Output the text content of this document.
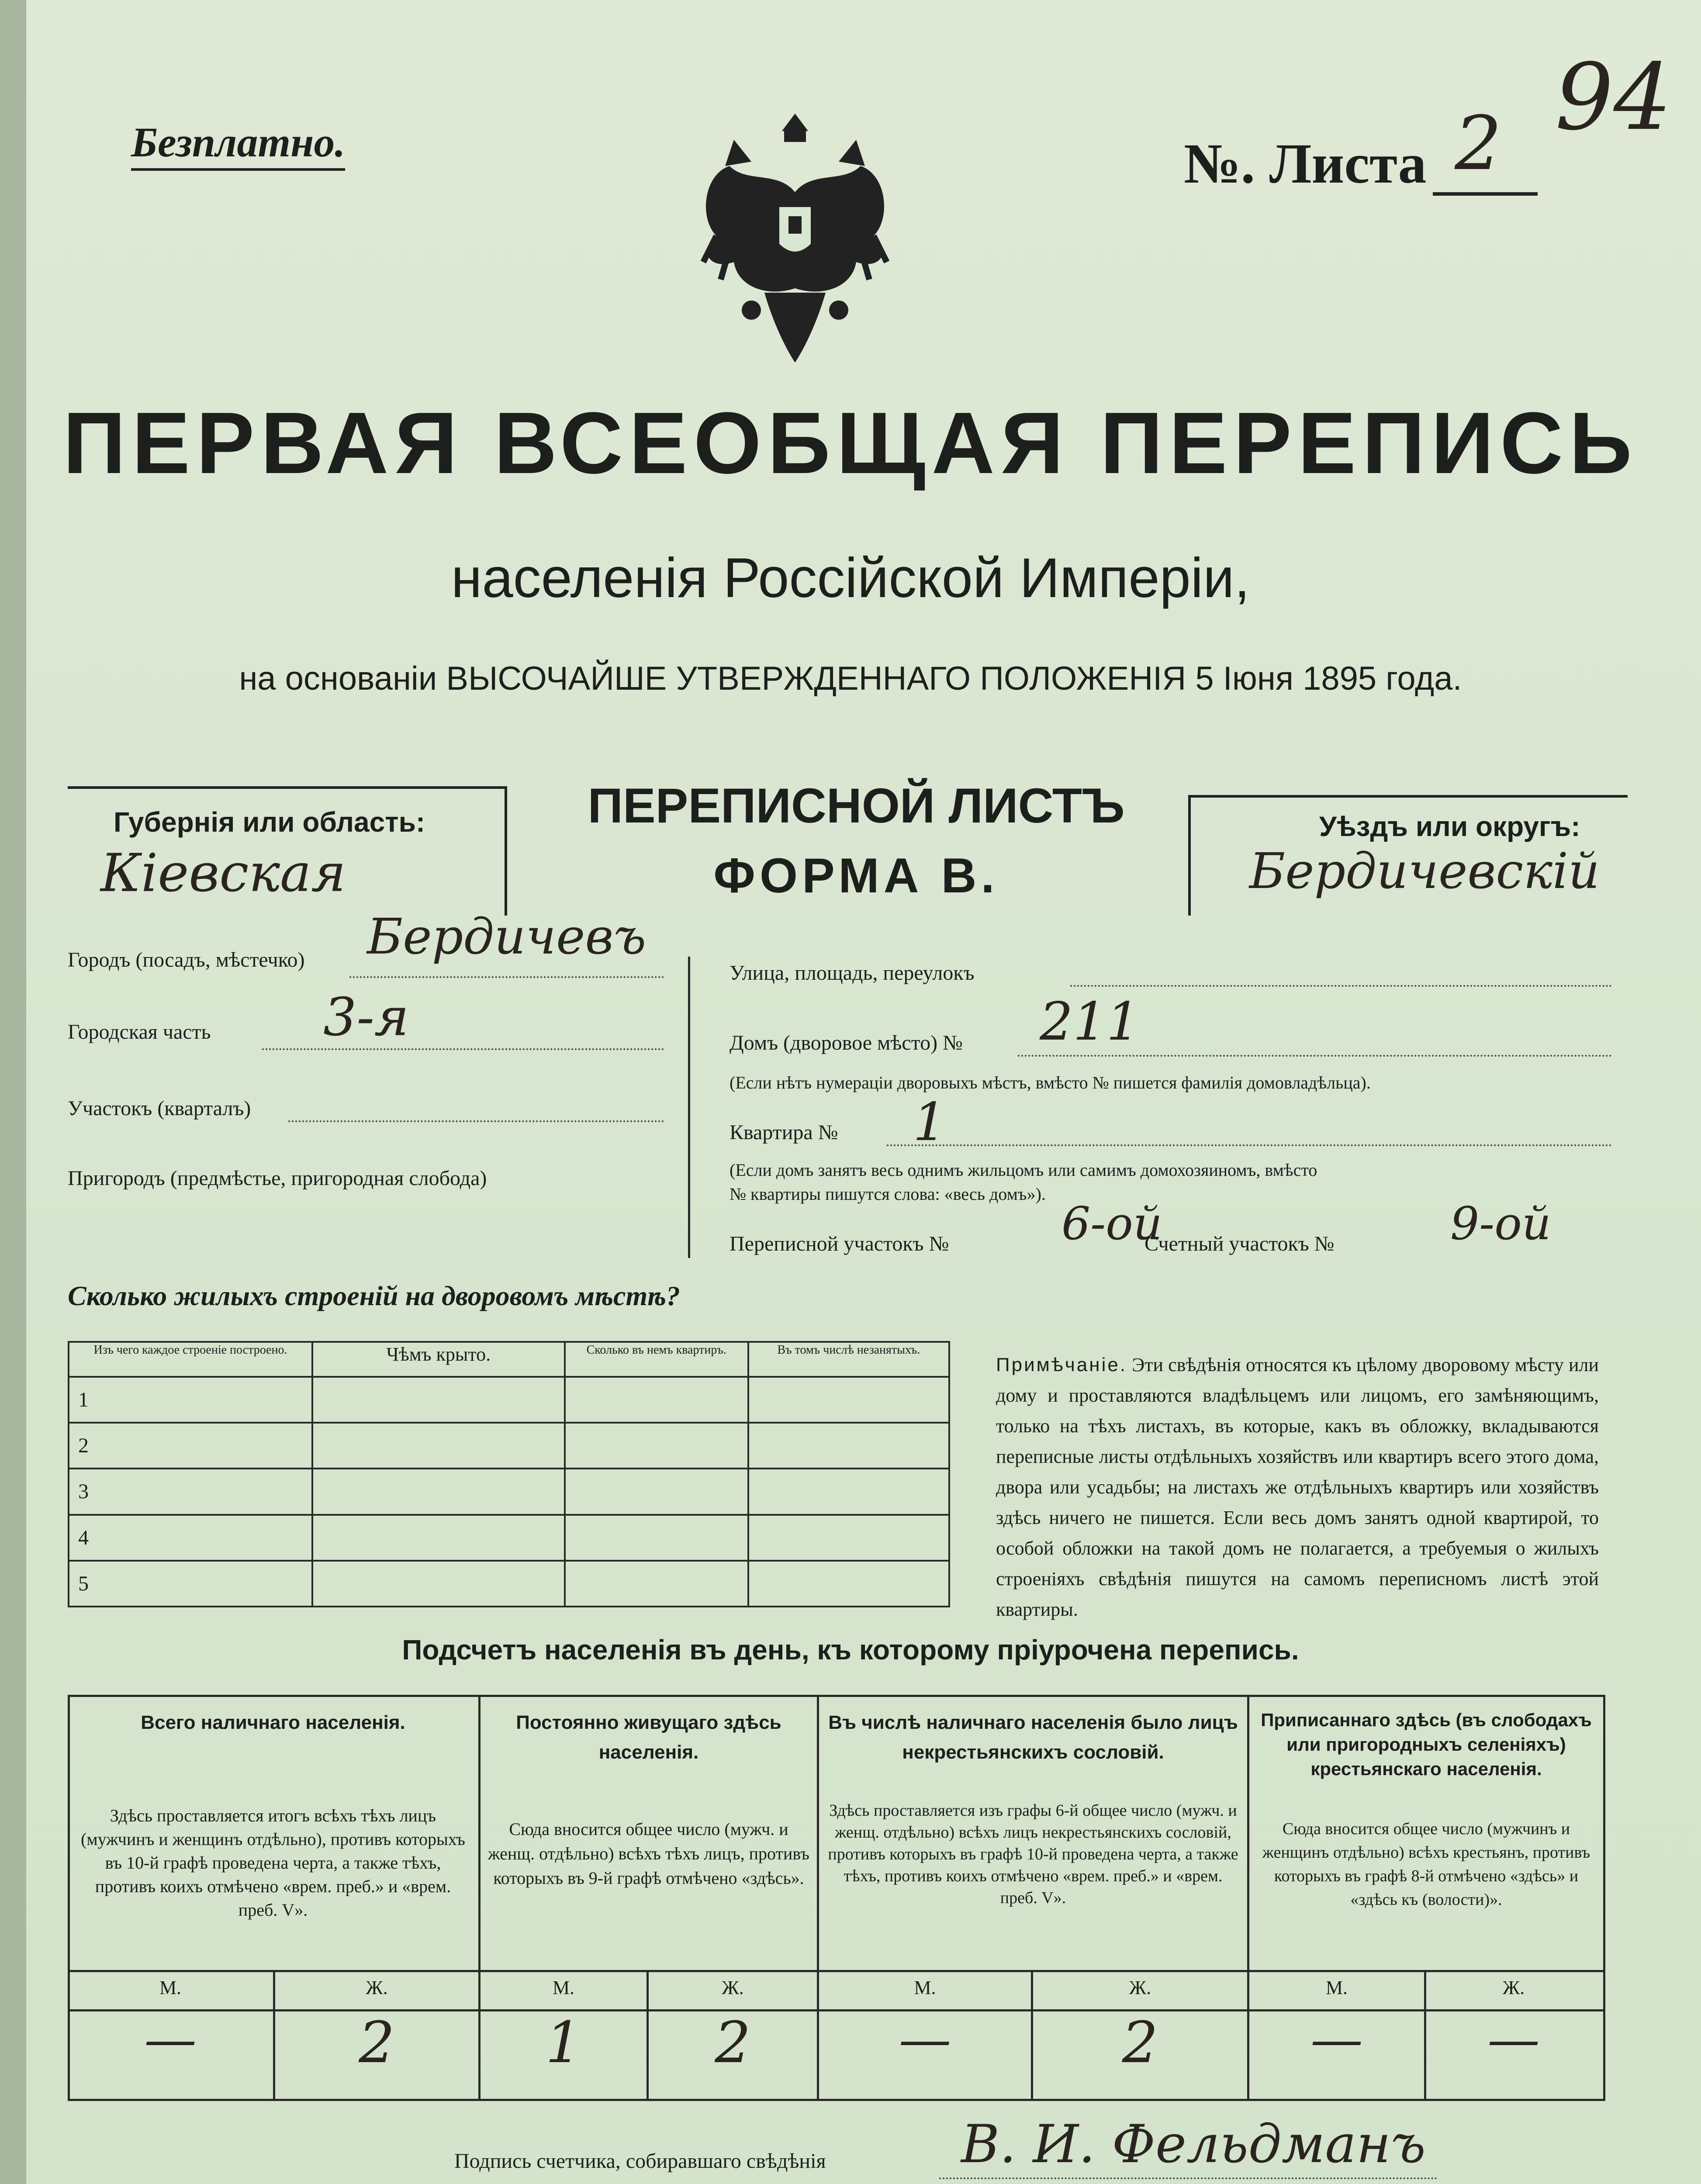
Безплатно.	№. Листа 2 94
ПЕРВАЯ ВСЕОБЩАЯ ПЕРЕПИСЬ
населенія Россійской Имперіи,
на основаніи ВЫСОЧАЙШЕ УТВЕРЖДЕННАГО ПОЛОЖЕНІЯ 5 Іюня 1895 года.
Губернія или область:
Кіевская
ПЕРЕПИСНОЙ ЛИСТЪ
ФОРМА В.
Уѣздъ или округъ:
Бердичевскій
Городъ (посадъ, мѣстечко) Бердичевъ
Городская часть 3-я
Участокъ (кварталъ)
Пригородъ (предмѣстье, пригородная слобода)
Улица, площадь, переулокъ
Домъ (дворовое мѣсто) № 211
(Если нѣтъ нумераціи дворовыхъ мѣстъ, вмѣсто № пишется фамилія домовладѣльца).
Квартира № 1
(Если домъ занятъ весь однимъ жильцомъ или самимъ домохозяиномъ, вмѣсто
№ квартиры пишутся слова: «весь домъ»).
Переписной участокъ № 6-ой
Счетный участокъ №	9-ой
Сколько жилыхъ строеній на дворовомъ мѣстѣ?
Изъ чего каждое строеніе построено.	Чѣмъ крыто.	Сколько въ немъ квартиръ.	Въ томъ числѣ незанятыхъ.
1			
2			
3			
4			
5			
Примѣчаніе. Эти свѣдѣнія относятся къ цѣлому дворовому мѣсту или дому и проставляются владѣльцемъ или лицомъ, его замѣняющимъ, только на тѣхъ листахъ, въ которые, какъ въ обложку, вкладываются переписные листы отдѣльныхъ хозяйствъ или квартиръ всего этого дома, двора или усадьбы; на листахъ же отдѣльныхъ квартиръ или хозяйствъ здѣсь ничего не пишется. Если весь домъ занятъ одной квартирой, то особой обложки на такой домъ не полагается, а требуемыя о жилыхъ строеніяхъ свѣдѣнія пишутся на самомъ переписномъ листѣ этой квартиры.
Подсчетъ населенія въ день, къ которому пріурочена перепись.
Всего наличнаго населенія.
Здѣсь проставляется итогъ всѣхъ тѣхъ лицъ (мужчинъ и женщинъ отдѣльно), противъ которыхъ въ 10-й графѣ проведена черта, а также тѣхъ, противъ коихъ отмѣчено «врем. преб.» и «врем. преб. V».
М.	Ж.
—	2
Постоянно живущаго здѣсь населенія.
Сюда вносится общее число (мужч. и женщ. отдѣльно) всѣхъ тѣхъ лицъ, противъ которыхъ въ 9-й графѣ отмѣчено «здѣсь».
М.	Ж.
1	2
Въ числѣ наличнаго населенія было лицъ некрестьянскихъ сословій.
Здѣсь проставляется изъ графы 6-й общее число (мужч. и женщ. отдѣльно) всѣхъ лицъ некрестьянскихъ сословій, противъ которыхъ въ графѣ 10-й проведена черта, а также тѣхъ, противъ коихъ отмѣчено «врем. преб.» и «врем. преб. V».
М.	Ж.
—	2
Приписаннаго здѣсь (въ слободахъ или пригородныхъ селеніяхъ) крестьянскаго населенія.
Сюда вносится общее число (мужчинъ и женщинъ отдѣльно) всѣхъ крестьянъ, противъ которыхъ въ графѣ 8-й отмѣчено «здѣсь» и «здѣсь къ (волости)».
М.	Ж.
—	—
Подпись счетчика, собиравшаго свѣдѣнія	В. И. Фельдманъ
